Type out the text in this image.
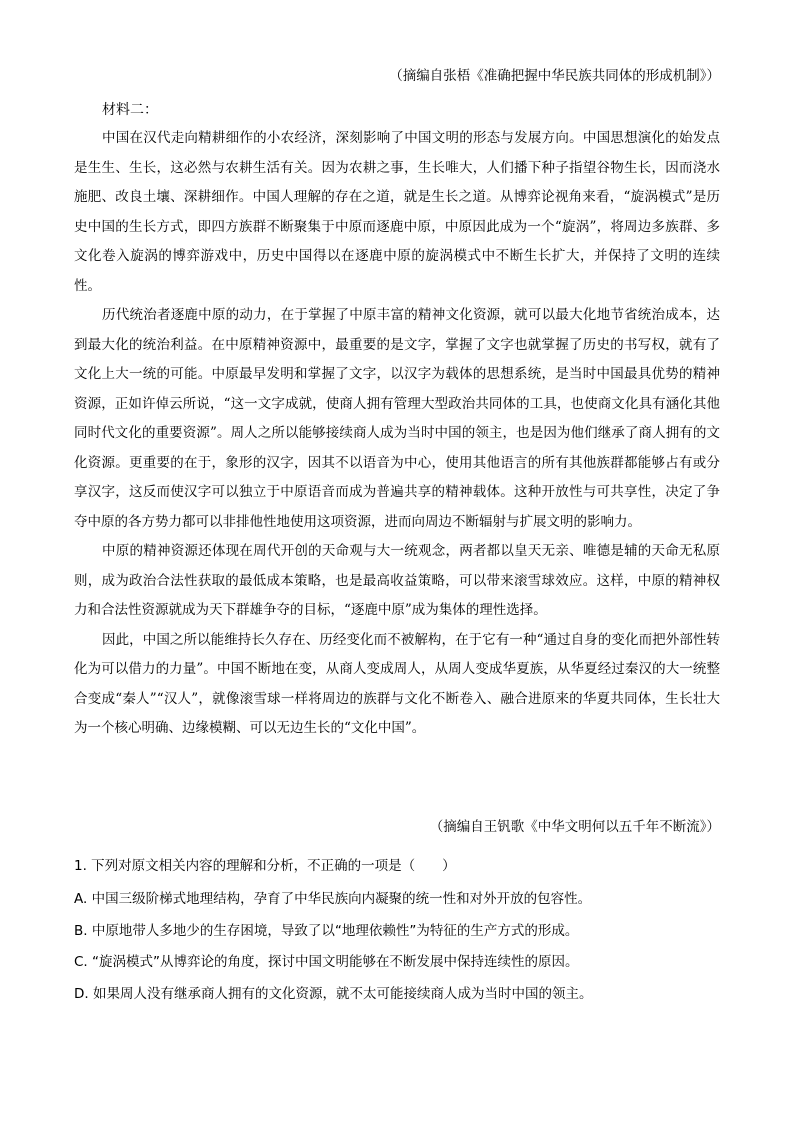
（摘编自张梧《准确把握中华民族共同体的形成机制》）
材料二：

中国在汉代走向精耕细作的小农经济，深刻影响了中国文明的形态与发展方向。中国思想演化的始发点是生生、生长，这必然与农耕生活有关。因为农耕之事，生长唯大，人们播下种子指望谷物生长，因而浇水施肥、改良土壤、深耕细作。中国人理解的存在之道，就是生长之道。从博弈论视角来看，“旋涡模式”是历史中国的生长方式，即四方族群不断聚集于中原而逐鹿中原，中原因此成为一个“旋涡”，将周边多族群、多文化卷入旋涡的博弈游戏中，历史中国得以在逐鹿中原的旋涡模式中不断生长扩大，并保持了文明的连续性。

历代统治者逐鹿中原的动力，在于掌握了中原丰富的精神文化资源，就可以最大化地节省统治成本，达到最大化的统治利益。在中原精神资源中，最重要的是文字，掌握了文字也就掌握了历史的书写权，就有了文化上大一统的可能。中原最早发明和掌握了文字，以汉字为载体的思想系统，是当时中国最具优势的精神资源，正如许倬云所说，“这一文字成就，使商人拥有管理大型政治共同体的工具，也使商文化具有涵化其他同时代文化的重要资源”。周人之所以能够接续商人成为当时中国的领主，也是因为他们继承了商人拥有的文化资源。更重要的在于，象形的汉字，因其不以语音为中心，使用其他语言的所有其他族群都能够占有或分享汉字，这反而使汉字可以独立于中原语音而成为普遍共享的精神载体。这种开放性与可共享性，决定了争夺中原的各方势力都可以非排他性地使用这项资源，进而向周边不断辐射与扩展文明的影响力。

中原的精神资源还体现在周代开创的天命观与大一统观念，两者都以皇天无亲、唯德是辅的天命无私原则，成为政治合法性获取的最低成本策略，也是最高收益策略，可以带来滚雪球效应。这样，中原的精神权力和合法性资源就成为天下群雄争夺的目标，“逐鹿中原”成为集体的理性选择。

因此，中国之所以能维持长久存在、历经变化而不被解构，在于它有一种“通过自身的变化而把外部性转化为可以借力的力量”。中国不断地在变，从商人变成周人，从周人变成华夏族，从华夏经过秦汉的大一统整合变成“秦人”“汉人”，就像滚雪球一样将周边的族群与文化不断卷入、融合进原来的华夏共同体，生长壮大为一个核心明确、边缘模糊、可以无边生长的“文化中国”。

（摘编自王钒歌《中华文明何以五千年不断流》）
1. 下列对原文相关内容的理解和分析，不正确的一项是（　　）
A. 中国三级阶梯式地理结构，孕育了中华民族向内凝聚的统一性和对外开放的包容性。
B. 中原地带人多地少的生存困境，导致了以“地理依赖性”为特征的生产方式的形成。
C. “旋涡模式”从博弈论的角度，探讨中国文明能够在不断发展中保持连续性的原因。
D. 如果周人没有继承商人拥有的文化资源，就不太可能接续商人成为当时中国的领主。
